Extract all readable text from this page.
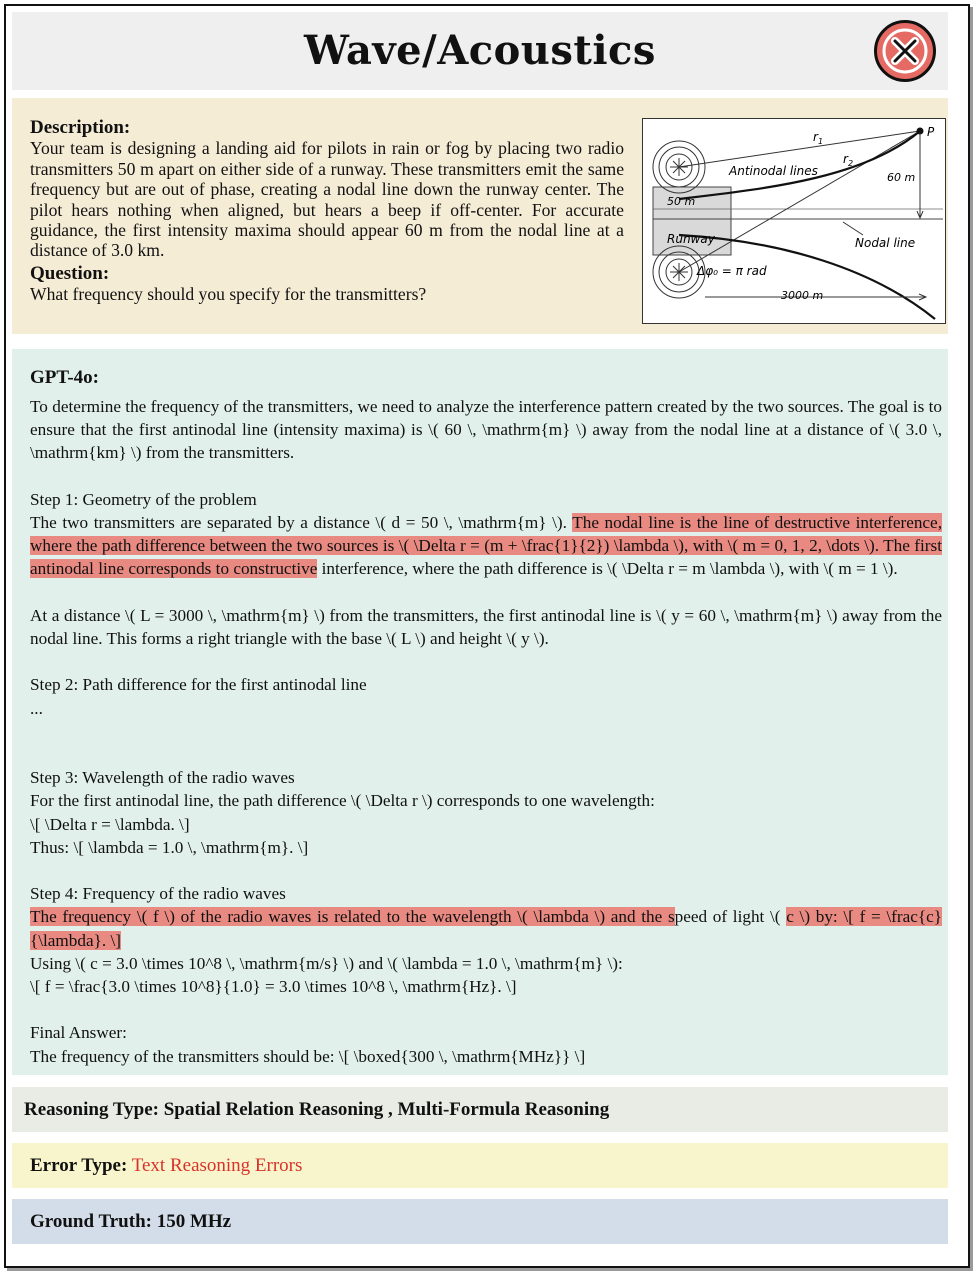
Wave/Acoustics
Description:
Your team is designing a landing aid for pilots in rain or fog by placing two radio transmitters 50 m apart on either side of a runway. These transmitters emit the same frequency but are out of phase, creating a nodal line down the runway center. The pilot hears nothing when aligned, but hears a beep if off-center. For accurate guidance, the first intensity maxima should appear 60 m from the nodal line at a distance of 3.0 km.
Question:
What frequency should you specify for the transmitters?
$r_1$
$r_2$
P
Antinodal lines	60 m
50 m
Runway	Nodal line
Δφ₀ = π rad
3000 m
GPT-4o:

To determine the frequency of the transmitters, we need to analyze the interference pattern created by the two sources. The goal is to ensure that the first antinodal line (intensity maxima) is \( 60 \, \mathrm{m} \) away from the nodal line at a distance of \( 3.0 \, \mathrm{km} \) from the transmitters.

Step 1: Geometry of the problem
The two transmitters are separated by a distance \( d = 50 \, \mathrm{m} \). The nodal line is the line of destructive interference, where the path difference between the two sources is \( \Delta r = (m + \frac{1}{2}) \lambda \), with \( m = 0, 1, 2, \dots \). The first antinodal line corresponds to constructive interference, where the path difference is \( \Delta r = m \lambda \), with \( m = 1 \).

At a distance \( L = 3000 \, \mathrm{m} \) from the transmitters, the first antinodal line is \( y = 60 \, \mathrm{m} \) away from the nodal line. This forms a right triangle with the base \( L \) and height \( y \).

Step 2: Path difference for the first antinodal line
...

Step 3: Wavelength of the radio waves
For the first antinodal line, the path difference \( \Delta r \) corresponds to one wavelength:
\[ \Delta r = \lambda. \]
Thus: \[ \lambda = 1.0 \, \mathrm{m}. \]

Step 4: Frequency of the radio waves
The frequency \( f \) of the radio waves is related to the wavelength \( \lambda \) and the speed of light \( c \) by: \[ f = \frac{c}{\lambda}. \]
Using \( c = 3.0 \times 10^8 \, \mathrm{m/s} \) and \( \lambda = 1.0 \, \mathrm{m} \):
\[ f = \frac{3.0 \times 10^8}{1.0} = 3.0 \times 10^8 \, \mathrm{Hz}. \]

Final Answer:
The frequency of the transmitters should be: \[ \boxed{300 \, \mathrm{MHz}} \]

Reasoning Type: Spatial Relation Reasoning , Multi-Formula Reasoning
Error Type: Text Reasoning Errors
Ground Truth: 150 MHz
